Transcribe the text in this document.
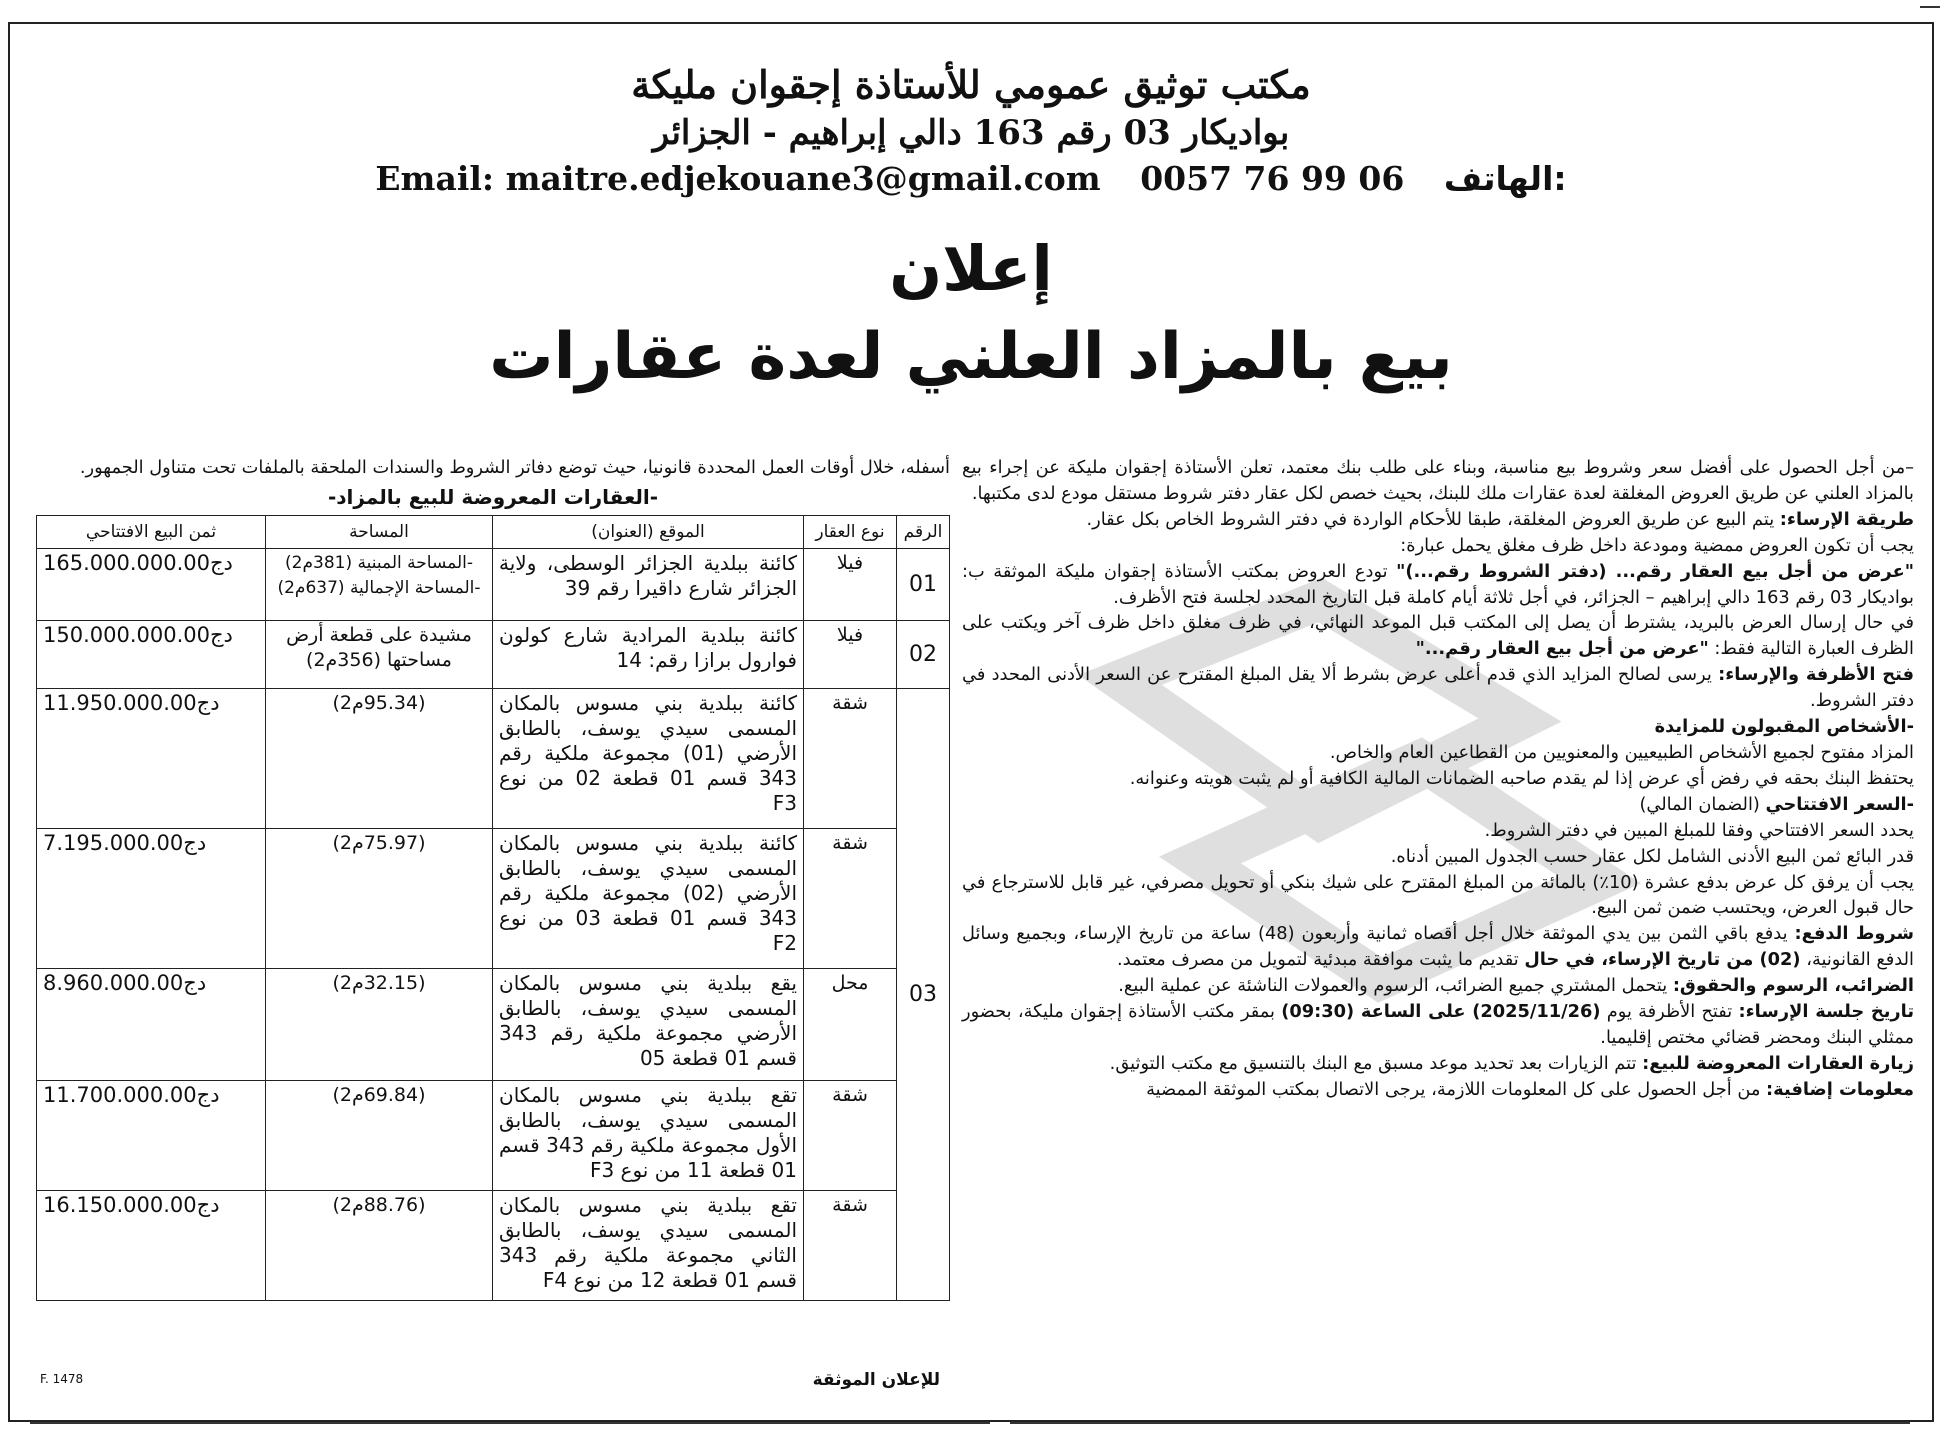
مكتب توثيق عمومي للأستاذة إجقوان مليكة
بواديكار 03 رقم 163 دالي إبراهيم - الجزائر
Email: maitre.edjekouane3@gmail.com 0057 76 99 06 الهاتف:
إعلان
بيع بالمزاد العلني لعدة عقارات

–من أجل الحصول على أفضل سعر وشروط بيع مناسبة، وبناء على طلب بنك معتمد، تعلن الأستاذة إجقوان مليكة عن إجراء بيع بالمزاد العلني عن طريق العروض المغلقة لعدة عقارات ملك للبنك، بحيث خصص لكل عقار دفتر شروط مستقل مودع لدى مكتبها.

طريقة الإرساء: يتم البيع عن طريق العروض المغلقة، طبقا للأحكام الواردة في دفتر الشروط الخاص بكل عقار.

يجب أن تكون العروض ممضية ومودعة داخل ظرف مغلق يحمل عبارة:

"عرض من أجل بيع العقار رقم... (دفتر الشروط رقم...)" تودع العروض بمكتب الأستاذة إجقوان مليكة الموثقة ب: بواديكار 03 رقم 163 دالي إبراهيم – الجزائر، في أجل ثلاثة أيام كاملة قبل التاريخ المحدد لجلسة فتح الأظرف.

في حال إرسال العرض بالبريد، يشترط أن يصل إلى المكتب قبل الموعد النهائي، في ظرف مغلق داخل ظرف آخر ويكتب على الظرف العبارة التالية فقط: "عرض من أجل بيع العقار رقم..."

فتح الأظرفة والإرساء: يرسى لصالح المزايد الذي قدم أعلى عرض بشرط ألا يقل المبلغ المقترح عن السعر الأدنى المحدد في دفتر الشروط.

-الأشخاص المقبولون للمزايدة

المزاد مفتوح لجميع الأشخاص الطبيعيين والمعنويين من القطاعين العام والخاص.

يحتفظ البنك بحقه في رفض أي عرض إذا لم يقدم صاحبه الضمانات المالية الكافية أو لم يثبت هويته وعنوانه.

-السعر الافتتاحي (الضمان المالي)

يحدد السعر الافتتاحي وفقا للمبلغ المبين في دفتر الشروط.

قدر البائع ثمن البيع الأدنى الشامل لكل عقار حسب الجدول المبين أدناه.

يجب أن يرفق كل عرض بدفع عشرة (10٪) بالمائة من المبلغ المقترح على شيك بنكي أو تحويل مصرفي، غير قابل للاسترجاع في حال قبول العرض، ويحتسب ضمن ثمن البيع.

شروط الدفع: يدفع باقي الثمن بين يدي الموثقة خلال أجل أقصاه ثمانية وأربعون (48) ساعة من تاريخ الإرساء، وبجميع وسائل الدفع القانونية، (02) من تاريخ الإرساء، في حال تقديم ما يثبت موافقة مبدئية لتمويل من مصرف معتمد.

الضرائب، الرسوم والحقوق: يتحمل المشتري جميع الضرائب، الرسوم والعمولات الناشئة عن عملية البيع.

تاريخ جلسة الإرساء: تفتح الأظرفة يوم (2025/11/26) على الساعة (09:30) بمقر مكتب الأستاذة إجقوان مليكة، بحضور ممثلي البنك ومحضر قضائي مختص إقليميا.

زيارة العقارات المعروضة للبيع: تتم الزيارات بعد تحديد موعد مسبق مع البنك بالتنسيق مع مكتب التوثيق.

معلومات إضافية: من أجل الحصول على كل المعلومات اللازمة، يرجى الاتصال بمكتب الموثقة الممضية

أسفله، خلال أوقات العمل المحددة قانونيا، حيث توضع دفاتر الشروط والسندات الملحقة بالملفات تحت متناول الجمهور.

-العقارات المعروضة للبيع بالمزاد-
الرقم	نوع العقار	الموقع (العنوان)	المساحة	ثمن البيع الافتتاحي
01	فيلا	كائنة ببلدية الجزائر الوسطى، ولاية الجزائر شارع داقيرا رقم 39	-المساحة المبنية (381م2) -المساحة الإجمالية (637م2)	165.000.000.00دج
02	فيلا	كائنة ببلدية المرادية شارع كولون فوارول برازا رقم: 14	مشيدة على قطعة أرض مساحتها (356م2)	150.000.000.00دج
03	شقة	كائنة ببلدية بني مسوس بالمكان المسمى سيدي يوسف، بالطابق الأرضي (01) مجموعة ملكية رقم 343 قسم 01 قطعة 02 من نوع F3	(95.34م2)	11.950.000.00دج
	شقة	كائنة ببلدية بني مسوس بالمكان المسمى سيدي يوسف، بالطابق الأرضي (02) مجموعة ملكية رقم 343 قسم 01 قطعة 03 من نوع F2	(75.97م2)	7.195.000.00دج
	محل	يقع ببلدية بني مسوس بالمكان المسمى سيدي يوسف، بالطابق الأرضي مجموعة ملكية رقم 343 قسم 01 قطعة 05	(32.15م2)	8.960.000.00دج
	شقة	تقع ببلدية بني مسوس بالمكان المسمى سيدي يوسف، بالطابق الأول مجموعة ملكية رقم 343 قسم 01 قطعة 11 من نوع F3	(69.84م2)	11.700.000.00دج
	شقة	تقع ببلدية بني مسوس بالمكان المسمى سيدي يوسف، بالطابق الثاني مجموعة ملكية رقم 343 قسم 01 قطعة 12 من نوع F4	(88.76م2)	16.150.000.00دج
للإعلان الموثقة
F. 1478
